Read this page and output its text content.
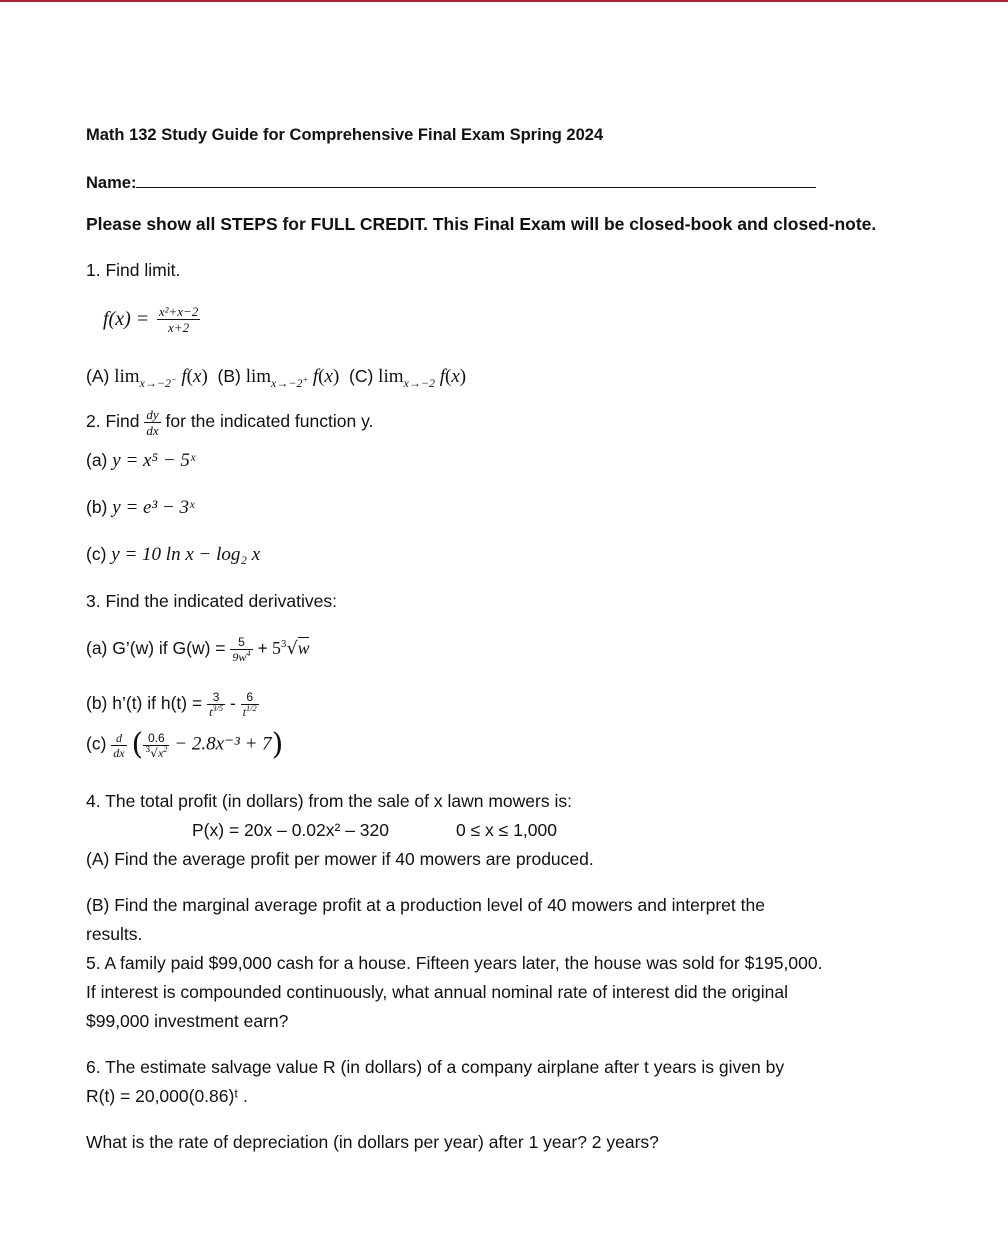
Math 132 Study Guide for Comprehensive Final Exam Spring 2024
Name:
Please show all STEPS for FULL CREDIT. This Final Exam will be closed-book and closed-note.
1. Find limit.
$f(x) = \frac{\text{x²+x−2}}{x+2}$
(A) $\lim_{x\to-2^-} f(x)$ (B) $\lim_{x\to-2^+} f(x)$ (C) $\lim_{x\to-2} f(x)$
2. Find $\frac{dy}{dx}$ for the indicated function y.
(a) y = x⁵ − 5ˣ
(b) y = e³ − 3ˣ
(c) y = 10 ln x − log₂ x
3. Find the indicated derivatives:
(a) G’(w) if $G(w) = \frac{5}{9w^4} + 5^3√w$
(b) h’(t) if $h(t) = \frac{3}{t^{3/5}} - \frac{6}{t^{1/2}}$
$(c) \frac{d}{dx}$ ( $\frac{0.6}{^3√x^2} - 2.8x^{-3} + 7$)
4. The total profit (in dollars) from the sale of x lawn mowers is:
P(x) = 20x – 0.02x² – 320	0 ≤ x ≤ 1,000
(A) Find the average profit per mower if 40 mowers are produced.
(B) Find the marginal average profit at a production level of 40 mowers and interpret the
results.
5. A family paid $99,000 cash for a house. Fifteen years later, the house was sold for $195,000.
If interest is compounded continuously, what annual nominal rate of interest did the original
$99,000 investment earn?
6. The estimate salvage value R (in dollars) of a company airplane after t years is given by
R(t) = 20,000(0.86)ᵗ .
What is the rate of depreciation (in dollars per year) after 1 year? 2 years?
